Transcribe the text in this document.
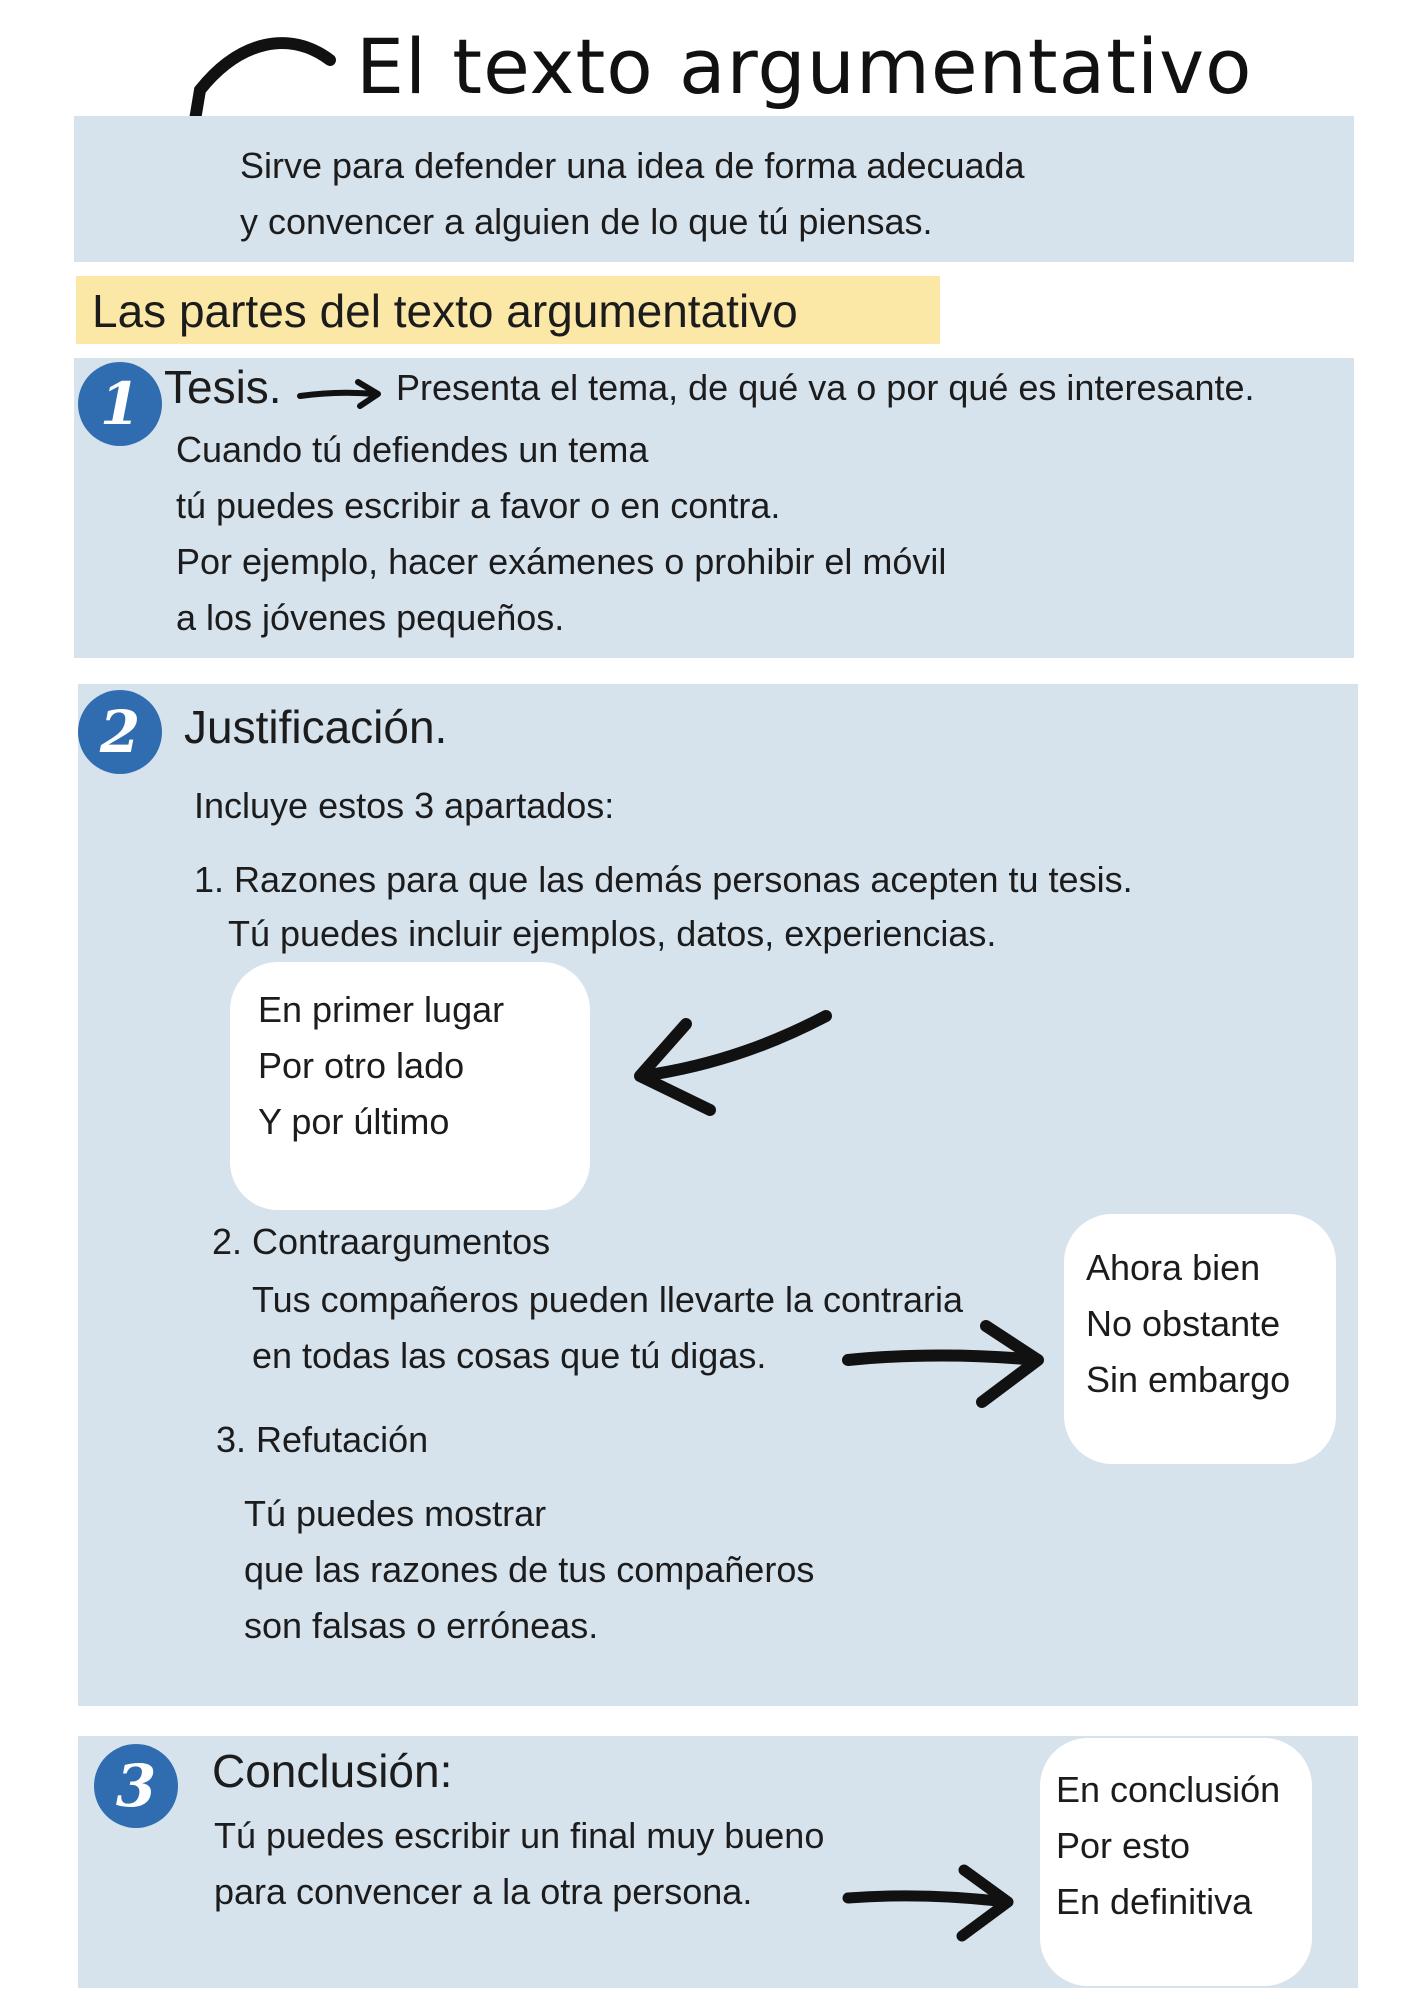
El texto argumentativo
Sirve para defender una idea de forma adecuada
y convencer a alguien de lo que tú piensas.
Las partes del texto argumentativo
1 Tesis.	Presenta el tema, de qué va o por qué es interesante.
Cuando tú defiendes un tema
tú puedes escribir a favor o en contra.
Por ejemplo, hacer exámenes o prohibir el móvil
a los jóvenes pequeños.
2 Justificación.
Incluye estos 3 apartados:
1. Razones para que las demás personas acepten tu tesis.
Tú puedes incluir ejemplos, datos, experiencias.
En primer lugar
Por otro lado
Y por último
2. Contraargumentos
Tus compañeros pueden llevarte la contraria
en todas las cosas que tú digas.
Ahora bien
No obstante
Sin embargo
3. Refutación
Tú puedes mostrar
que las razones de tus compañeros
son falsas o erróneas.
3	Conclusión:
Tú puedes escribir un final muy bueno
para convencer a la otra persona.
En conclusión
Por esto
En definitiva
